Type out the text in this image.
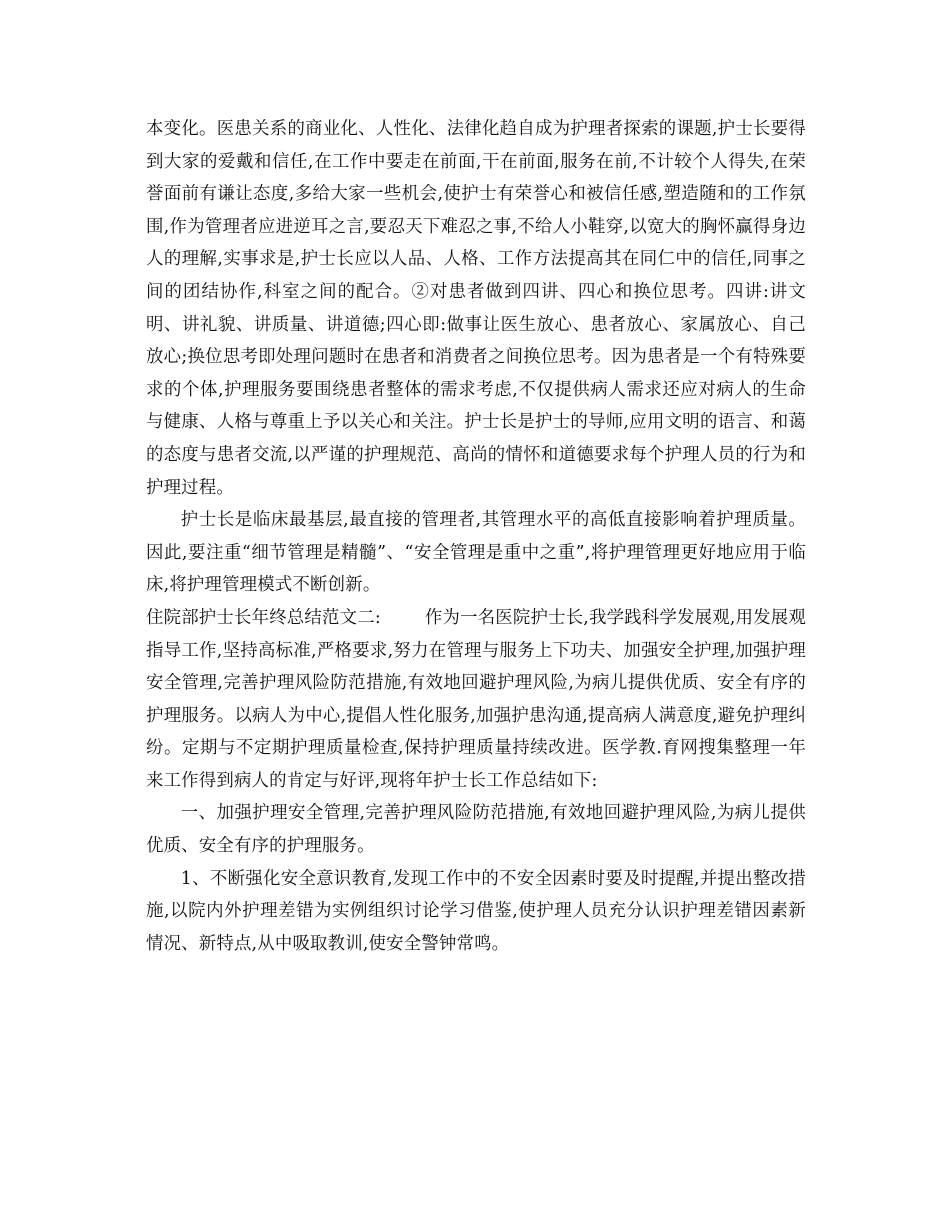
本变化。医患关系的商业化、人性化、法律化趋自成为护理者探索的课题,护士长要得到大家的爱戴和信任,在工作中要走在前面,干在前面,服务在前,不计较个人得失,在荣誉面前有谦让态度,多给大家一些机会,使护士有荣誉心和被信任感,塑造随和的工作氛围,作为管理者应进逆耳之言,要忍天下难忍之事,不给人小鞋穿,以宽大的胸怀赢得身边人的理解,实事求是,护士长应以人品、人格、工作方法提高其在同仁中的信任,同事之间的团结协作,科室之间的配合。②对患者做到四讲、四心和换位思考。四讲:讲文明、讲礼貌、讲质量、讲道德;四心即:做事让医生放心、患者放心、家属放心、自己放心;换位思考即处理问题时在患者和消费者之间换位思考。因为患者是一个有特殊要求的个体,护理服务要围绕患者整体的需求考虑,不仅提供病人需求还应对病人的生命与健康、人格与尊重上予以关心和关注。护士长是护士的导师,应用文明的语言、和蔼的态度与患者交流,以严谨的护理规范、高尚的情怀和道德要求每个护理人员的行为和护理过程。

护士长是临床最基层,最直接的管理者,其管理水平的高低直接影响着护理质量。因此,要注重“细节管理是精髓”、“安全管理是重中之重”,将护理管理更好地应用于临床,将护理管理模式不断创新。

住院部护士长年终总结范文二:	作为一名医院护士长,我学践科学发展观,用发展观指导工作,坚持高标准,严格要求,努力在管理与服务上下功夫、加强安全护理,加强护理安全管理,完善护理风险防范措施,有效地回避护理风险,为病儿提供优质、安全有序的护理服务。以病人为中心,提倡人性化服务,加强护患沟通,提高病人满意度,避免护理纠纷。定期与不定期护理质量检查,保持护理质量持续改进。医学教.育网搜集整理一年来工作得到病人的肯定与好评,现将年护士长工作总结如下:

一、加强护理安全管理,完善护理风险防范措施,有效地回避护理风险,为病儿提供优质、安全有序的护理服务。

1、不断强化安全意识教育,发现工作中的不安全因素时要及时提醒,并提出整改措施,以院内外护理差错为实例组织讨论学习借鉴,使护理人员充分认识护理差错因素新情况、新特点,从中吸取教训,使安全警钟常鸣。
